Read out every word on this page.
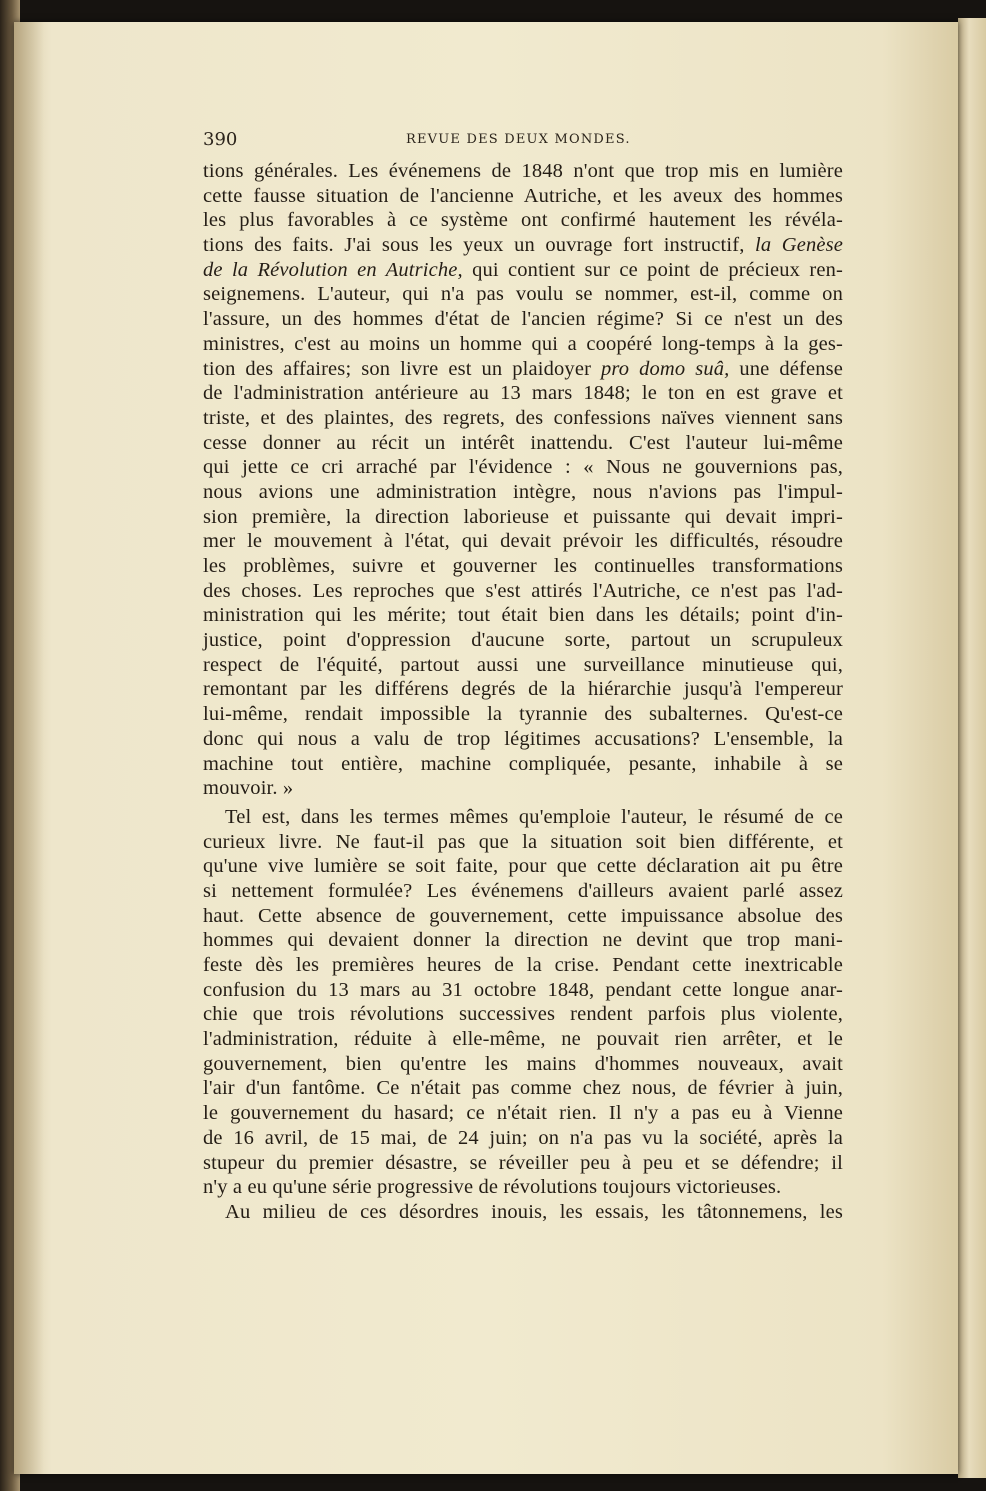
390	REVUE DES DEUX MONDES.
tions générales. Les événemens de 1848 n'ont que trop mis en lumière
cette fausse situation de l'ancienne Autriche, et les aveux des hommes
les plus favorables à ce système ont confirmé hautement les révéla-
tions des faits. J'ai sous les yeux un ouvrage fort instructif, la Genèse
de la Révolution en Autriche, qui contient sur ce point de précieux ren-
seignemens. L'auteur, qui n'a pas voulu se nommer, est-il, comme on
l'assure, un des hommes d'état de l'ancien régime? Si ce n'est un des
ministres, c'est au moins un homme qui a coopéré long-temps à la ges-
tion des affaires; son livre est un plaidoyer pro domo suâ, une défense
de l'administration antérieure au 13 mars 1848; le ton en est grave et
triste, et des plaintes, des regrets, des confessions naïves viennent sans
cesse donner au récit un intérêt inattendu. C'est l'auteur lui-même
qui jette ce cri arraché par l'évidence : « Nous ne gouvernions pas,
nous avions une administration intègre, nous n'avions pas l'impul-
sion première, la direction laborieuse et puissante qui devait impri-
mer le mouvement à l'état, qui devait prévoir les difficultés, résoudre
les problèmes, suivre et gouverner les continuelles transformations
des choses. Les reproches que s'est attirés l'Autriche, ce n'est pas l'ad-
ministration qui les mérite; tout était bien dans les détails; point d'in-
justice, point d'oppression d'aucune sorte, partout un scrupuleux
respect de l'équité, partout aussi une surveillance minutieuse qui,
remontant par les différens degrés de la hiérarchie jusqu'à l'empereur
lui-même, rendait impossible la tyrannie des subalternes. Qu'est-ce
donc qui nous a valu de trop légitimes accusations? L'ensemble, la
machine tout entière, machine compliquée, pesante, inhabile à se
mouvoir. »
Tel est, dans les termes mêmes qu'emploie l'auteur, le résumé de ce
curieux livre. Ne faut-il pas que la situation soit bien différente, et
qu'une vive lumière se soit faite, pour que cette déclaration ait pu être
si nettement formulée? Les événemens d'ailleurs avaient parlé assez
haut. Cette absence de gouvernement, cette impuissance absolue des
hommes qui devaient donner la direction ne devint que trop mani-
feste dès les premières heures de la crise. Pendant cette inextricable
confusion du 13 mars au 31 octobre 1848, pendant cette longue anar-
chie que trois révolutions successives rendent parfois plus violente,
l'administration, réduite à elle-même, ne pouvait rien arrêter, et le
gouvernement, bien qu'entre les mains d'hommes nouveaux, avait
l'air d'un fantôme. Ce n'était pas comme chez nous, de février à juin,
le gouvernement du hasard; ce n'était rien. Il n'y a pas eu à Vienne
de 16 avril, de 15 mai, de 24 juin; on n'a pas vu la société, après la
stupeur du premier désastre, se réveiller peu à peu et se défendre; il
n'y a eu qu'une série progressive de révolutions toujours victorieuses.
Au milieu de ces désordres inouis, les essais, les tâtonnemens, les
